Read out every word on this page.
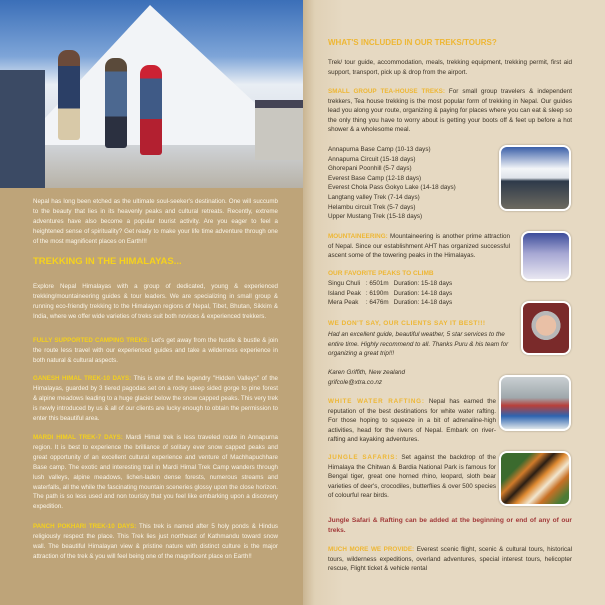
Nepal has long been etched as the ultimate soul-seeker's destination. One will succumb to the beauty that lies in its heavenly peaks and cultural retreats. Recently, extreme adventures have also become a popular tourist activity. Are you eager to feel a heightened sense of spirituality? Get ready to make your life time adventure through one of the most magnificent places on Earth!!!

TREKKING IN THE HIMALAYAS...

Explore Nepal Himalayas with a group of dedicated, young & experienced trekking/mountaineering guides & tour leaders. We are specializing in small group & running eco-friendly trekking to the Himalayan regions of Nepal, Tibet, Bhutan, Sikkim & India, where we offer wide varieties of treks suit both novices & experienced trekkers.

FULLY SUPPORTED CAMPING TREKS: Let's get away from the hustle & bustle & join the route less travel with our experienced guides and take a wilderness experience in both natural & cultural aspects.

GANESH HIMAL TREK-10 DAYS: This is one of the legendry "Hidden Valleys" of the Himalayas, guarded by 3 tiered pagodas set on a rocky steep sided gorge to pine forest & alpine meadows leading to a huge glacier below the snow capped peaks. This very trek is newly introduced by us & all of our clients are lucky enough to obtain the permission to enter this beautiful area.

MARDI HIMAL TREK-7 DAYS: Mardi Himal trek is less traveled route in Annapurna region. It is best to experience the brilliance of solitary ever snow capped peaks and great opportunity of an excellent cultural experience and venture of Machhapuchhare Base camp. The exotic and interesting trail in Mardi Himal Trek Camp wanders through lush valleys, alpine meadows, lichen-laden dense forests, numerous streams and waterfalls, all the while the fascinating mountain sceneries glossy upon the close horizon. The path is so less used and non touristy that you feel like embarking upon a discovery expedition.

PANCH POKHARI TREK-10 DAYS: This trek is named after 5 holy ponds & Hindus religiously respect the place. This Trek lies just northeast of Kathmandu toward snow wall. The beautiful Himalayan view & pristine nature with distinct culture is the major attraction of the trek & you will feel being one of the magnificent place on Earth!!

WHAT'S INCLUDED IN OUR TREKS/TOURS?

Trek/ tour guide, accommodation, meals, trekking equipment, trekking permit, first aid support, transport, pick up & drop from the airport.

SMALL GROUP TEA-HOUSE TREKS: For small group travelers & independent trekkers, Tea house trekking is the most popular form of trekking in Nepal. Our guides lead you along your route, organizing & paying for places where you can eat & sleep so the only thing you have to worry about is getting your boots off & feet up before a hot shower & a wholesome meal.

Annapurna Base Camp (10-13 days)
Annapurna Circuit (15-18 days)
Ghorepani Poonhill (5-7 days)
Everest Base Camp (12-18 days)
Everest Chola Pass Gokyo Lake (14-18 days)
Langtang valley Trek (7-14 days)
Helambu circuit Trek (5-7 days)
Upper Mustang Trek (15-18 days)

MOUNTAINEERING: Mountaineering is another prime attraction of Nepal. Since our establishment AHT has organized successful ascent some of the towering peaks in the Himalayas.

OUR FAVORITE PEAKS TO CLIMB
Singu Chuli	: 6501m	Duration: 15-18 days
Island Peak	: 6190m	Duration: 14-18 days
Mera Peak	: 6476m	Duration: 14-18 days
WE DON'T SAY, OUR CLIENTS SAY IT BEST!!!

Had an excellent guide, beautiful weather, 5 star services to the entire time. Highly recommend to all. Thanks Puru & his team for organizing a great trip!!!

Karen Griffith, New zealand

grifcole@xtra.co.nz

WHITE WATER RAFTING: Nepal has earned the reputation of the best destinations for white water rafting. For those hoping to squeeze in a bit of adrenaline-high activities, head for the rivers of Nepal. Embark on river-rafting and kayaking adventures.

JUNGLE SAFARIS: Set against the backdrop of the Himalaya the Chitwan & Bardia National Park is famous for Bengal tiger, great one horned rhino, leopard, sloth bear varieties of deer's, crocodiles, butterflies & over 500 species of colourful rear birds.

Jungle Safari & Rafting can be added at the beginning or end of any of our treks.

MUCH MORE WE PROVIDE: Everest scenic flight, scenic & cultural tours, historical tours, wilderness expeditions, overland adventures, special interest tours, helicopter rescue, Flight ticket & vehicle rental
